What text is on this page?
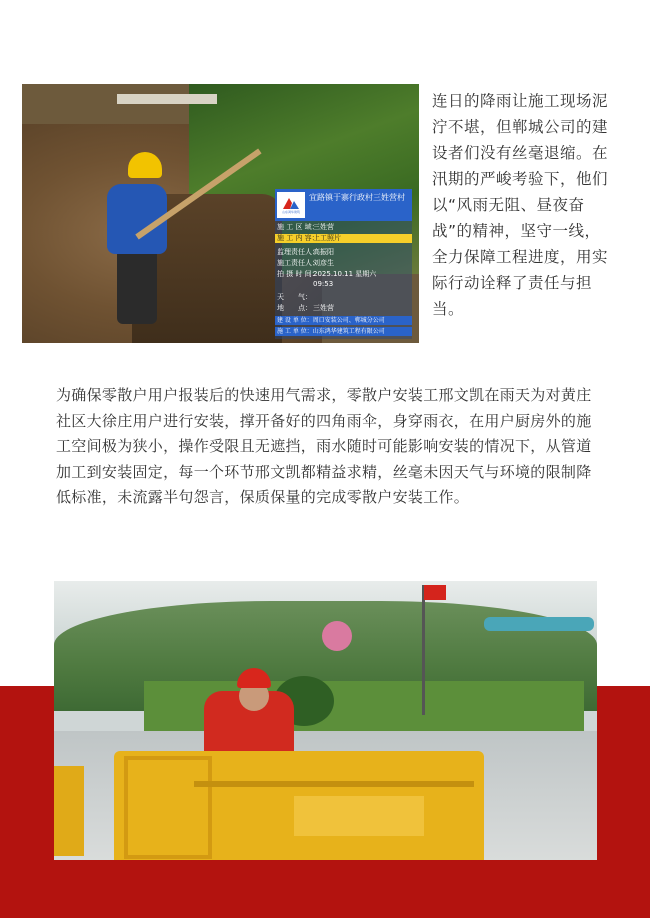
山东鸿华建筑
宜路镇于寨行政村三姓营村
施 工 区 域：三姓营
施 工 内 容：上工照片
监理责任人：高振阳
施工责任人：刘彦生
拍 摄 时 间：2025.10.11 星期六
09:53
天　　气：
地　　点：三姓营
建 设 单 位：周口安装公司、郸城分公司
施 工 单 位：山东鸿华建筑工程有限公司
连日的降雨让施工现场泥泞不堪，但郸城公司的建设者们没有丝毫退缩。在汛期的严峻考验下，他们以“风雨无阻、昼夜奋战”的精神，坚守一线，全力保障工程进度，用实际行动诠释了责任与担当。
为确保零散户用户报装后的快速用气需求，零散户安装工邢文凯在雨天为对黄庄社区大徐庄用户进行安装，撑开备好的四角雨伞，身穿雨衣，在用户厨房外的施工空间极为狭小，操作受限且无遮挡，雨水随时可能影响安装的情况下，从管道加工到安装固定，每一个环节邢文凯都精益求精，丝毫未因天气与环境的限制降低标准，未流露半句怨言，保质保量的完成零散户安装工作。
